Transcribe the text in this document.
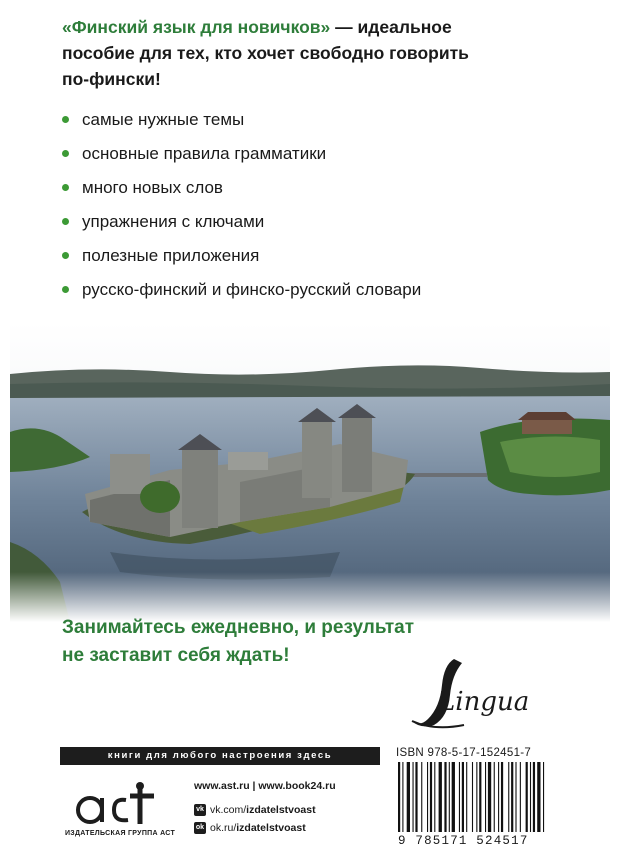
«Финский язык для новичков» — идеальное
пособие для тех, кто хочет свободно говорить
по-фински!
самые нужные темы
основные правила грамматики
много новых слов
упражнения с ключами
полезные приложения
русско-финский и финско-русский словари
Занимайтесь ежедневно, и результат
не заставит себя ждать!
Lingua
книги для любого настроения здесь
ИЗДАТЕЛЬСКАЯ ГРУППА АСТ
www.ast.ru | www.book24.ru
vk vk.com/ izdatelstvoast
ok ok.ru/ izdatelstvoast
ISBN 978-5-17-152451-7
9 785171 524517
